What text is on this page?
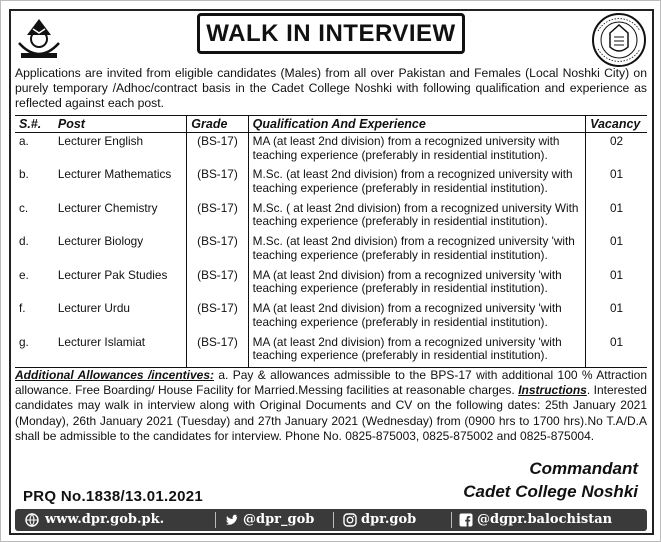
WALK IN INTERVIEW

Applications are invited from eligible candidates (Males) from all over Pakistan and Females (Local Noshki City) on purely temporary /Adhoc/contract basis in the Cadet College Noshki with following qualification and experience as reflected against each post.

S.#.	Post	Grade	Qualification And Experience	Vacancy
a.	Lecturer English	(BS-17)	MA (at least 2nd division) from a recognized university with
teaching experience (preferably in residential institution).	02
b.	Lecturer Mathematics	(BS-17)	M.Sc. (at least 2nd division) from a recognized university with
teaching experience (preferably in residential institution).	01
c.	Lecturer Chemistry	(BS-17)	M.Sc. ( at least 2nd division) from a recognized university With
teaching experience (preferably in residential institution).	01
d.	Lecturer Biology	(BS-17)	M.Sc. (at least 2nd division) from a recognized university 'with
teaching experience (preferably in residential institution).	01
e.	Lecturer Pak Studies	(BS-17)	MA (at least 2nd division) from a recognized university 'with
teaching experience (preferably in residential institution).	01
f.	Lecturer Urdu	(BS-17)	MA (at least 2nd division) from a recognized university 'with
teaching experience (preferably in residential institution).	01
g.	Lecturer Islamiat	(BS-17)	MA (at least 2nd division) from a recognized university 'with
teaching experience (preferably in residential institution).	01

Additional Allowances /incentives: a. Pay & allowances admissible to the BPS-17 with additional 100 % Attraction allowance. Free Boarding/ House Facility for Married.Messing facilities at reasonable charges. Instructions. Interested candidates may walk in interview along with Original Documents and CV on the following dates: 25th January 2021 (Monday), 26th January 2021 (Tuesday) and 27th January 2021 (Wednesday) from (0900 hrs to 1700 hrs).No T.A/D.A shall be admissible to the candidates for interview. Phone No. 0825-875003, 0825-875002 and 0825-875004.

Commandant
Cadet College Noshki
PRQ No.1838/13.01.2021
www.dpr.gob.pk.	@dpr_gob	dpr.gob	@dgpr.balochistan
